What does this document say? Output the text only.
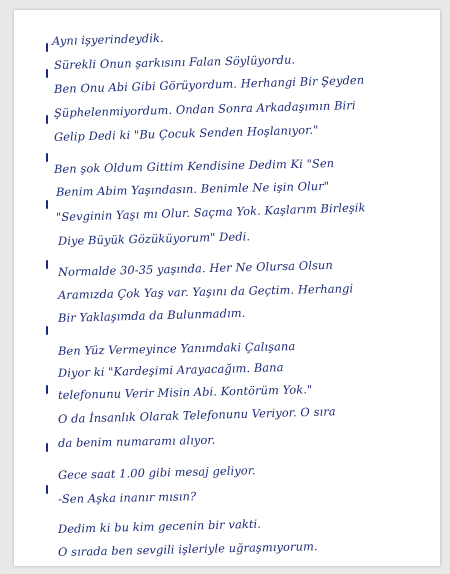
Aynı işyerindeydik.
Sürekli Onun şarkısını Falan Söylüyordu.
Ben Onu Abi Gibi Görüyordum. Herhangi Bir Şeyden
Şüphelenmiyordum. Ondan Sonra Arkadaşımın Biri
Gelip Dedi ki "Bu Çocuk Senden Hoşlanıyor."
Ben şok Oldum Gittim Kendisine Dedim Ki "Sen
Benim Abim Yaşındasın. Benimle Ne işin Olur"
"Sevginin Yaşı mı Olur. Saçma Yok. Kaşlarım Birleşik
Diye Büyük Gözüküyorum" Dedi.
Normalde 30-35 yaşında. Her Ne Olursa Olsun
Aramızda Çok Yaş var. Yaşını da Geçtim. Herhangi
Bir Yaklaşımda da Bulunmadım.
Ben Yüz Vermeyince Yanımdaki Çalışana
Diyor ki "Kardeşimi Arayacağım. Bana
telefonunu Verir Misin Abi. Kontörüm Yok."
O da İnsanlık Olarak Telefonunu Veriyor. O sıra
da benim numaramı alıyor.
Gece saat 1.00 gibi mesaj geliyor.
-Sen Aşka inanır mısın?
Dedim ki bu kim gecenin bir vakti.
O sırada ben sevgili işleriyle uğraşmıyorum.
